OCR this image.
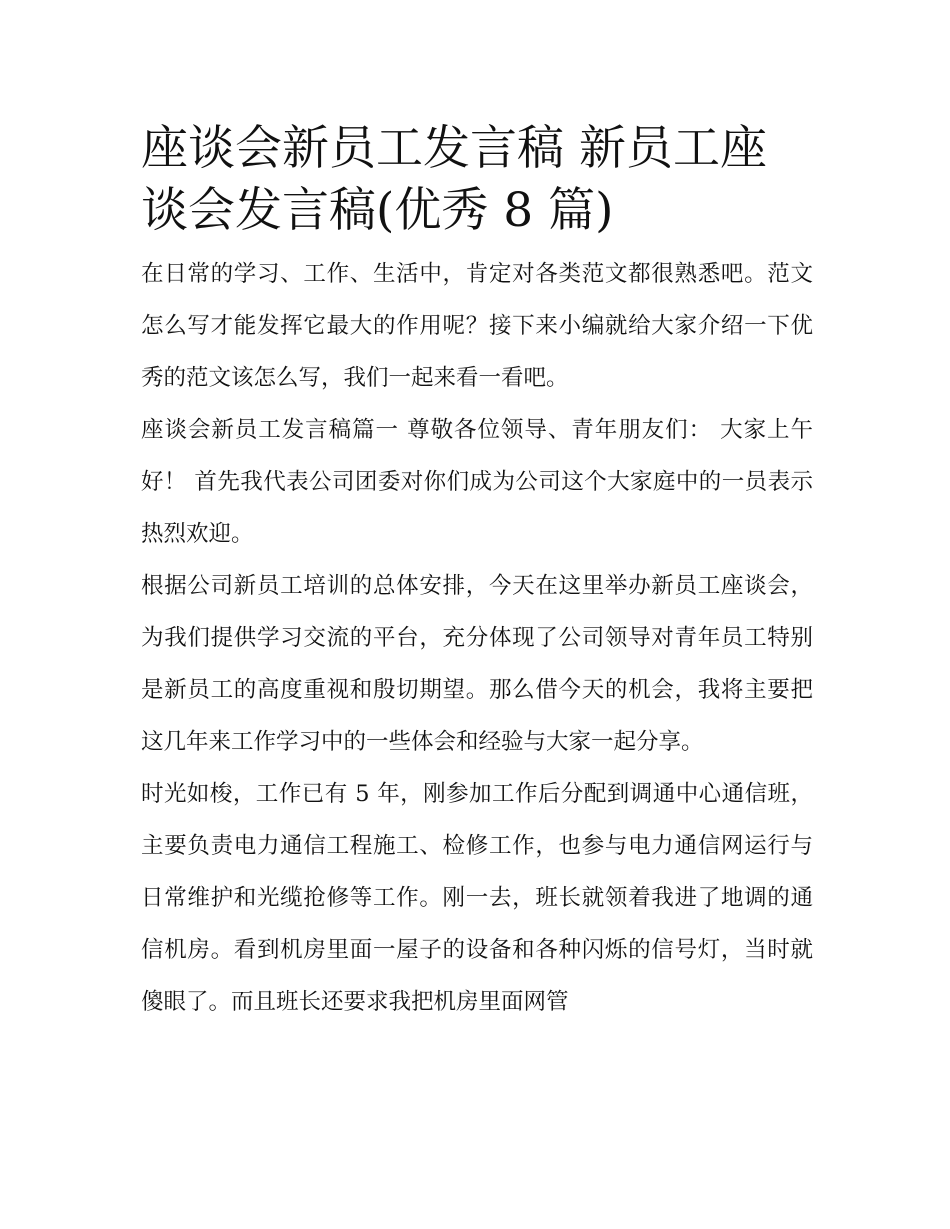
座谈会新员工发言稿 新员工座谈会发言稿(优秀 8 篇)

在日常的学习、工作、生活中，肯定对各类范文都很熟悉吧。范文怎么写才能发挥它最大的作用呢？接下来小编就给大家介绍一下优秀的范文该怎么写，我们一起来看一看吧。

座谈会新员工发言稿篇一 尊敬各位领导、青年朋友们： 大家上午好！ 首先我代表公司团委对你们成为公司这个大家庭中的一员表示热烈欢迎。

根据公司新员工培训的总体安排，今天在这里举办新员工座谈会，为我们提供学习交流的平台，充分体现了公司领导对青年员工特别是新员工的高度重视和殷切期望。那么借今天的机会，我将主要把这几年来工作学习中的一些体会和经验与大家一起分享。

时光如梭，工作已有 5 年，刚参加工作后分配到调通中心通信班，主要负责电力通信工程施工、检修工作，也参与电力通信网运行与日常维护和光缆抢修等工作。刚一去，班长就领着我进了地调的通信机房。看到机房里面一屋子的设备和各种闪烁的信号灯，当时就傻眼了。而且班长还要求我把机房里面网管
